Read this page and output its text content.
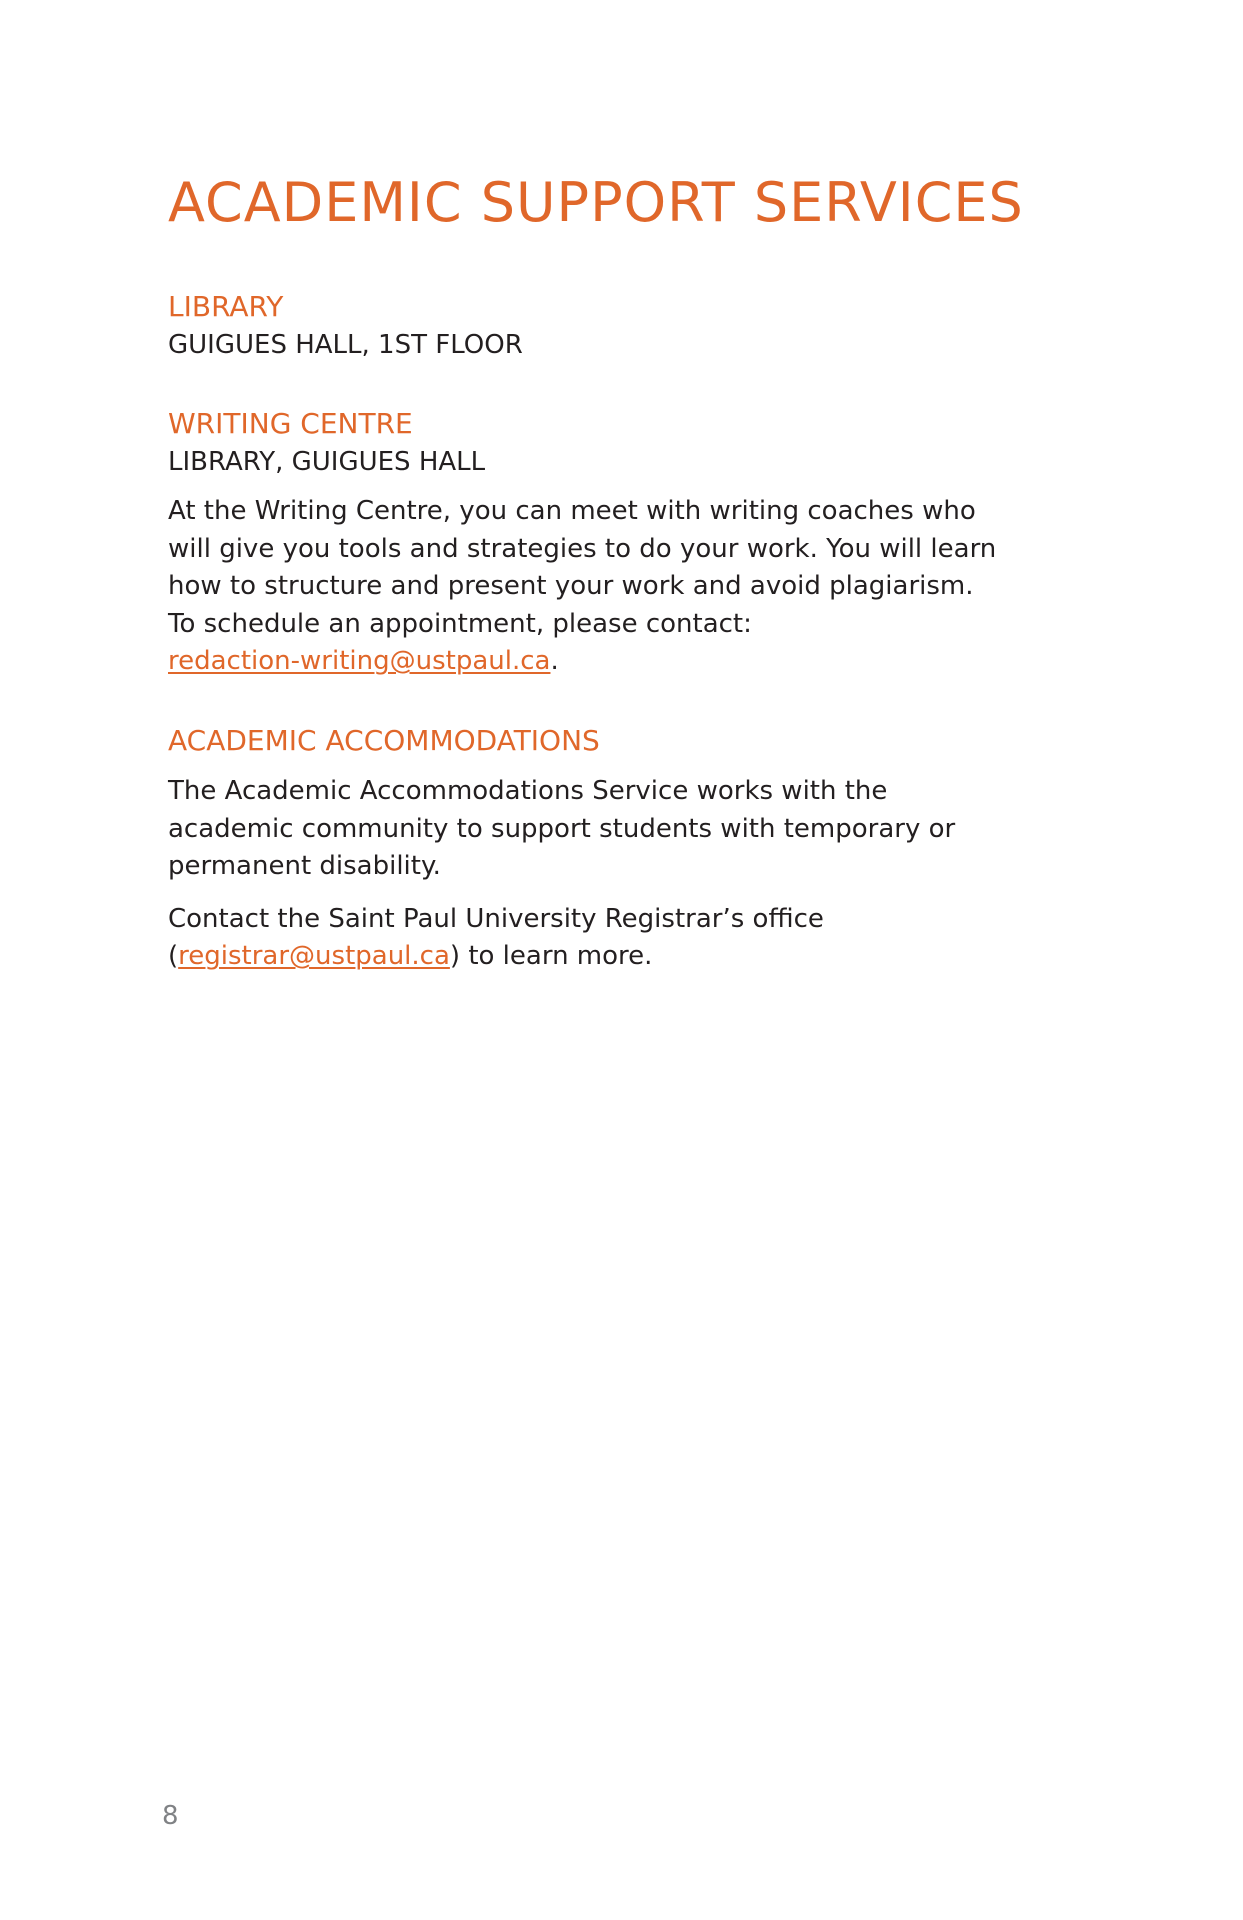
ACADEMIC SUPPORT SERVICES
LIBRARY

GUIGUES HALL, 1ST FLOOR

WRITING CENTRE

LIBRARY, GUIGUES HALL

At the Writing Centre, you can meet with writing coaches who
will give you tools and strategies to do your work. You will learn
how to structure and present your work and avoid plagiarism.
To schedule an appointment, please contact:
redaction-writing@ustpaul.ca.

ACADEMIC ACCOMMODATIONS

The Academic Accommodations Service works with the
academic community to support students with temporary or
permanent disability.

Contact the Saint Paul University Registrar’s office
(registrar@ustpaul.ca) to learn more.

8
